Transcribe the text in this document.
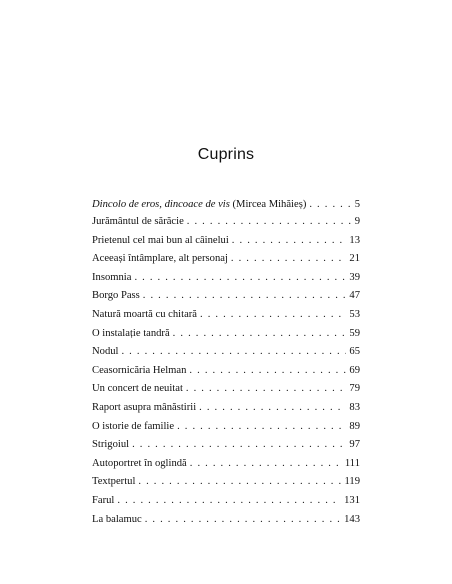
Cuprins
Dincolo de eros, dincoace de vis (Mircea Mihăieș) . . .	5
Jurământul de sărăcie . . .	9
Prietenul cel mai bun al câinelui . . .	13
Aceeași întâmplare, alt personaj . . .	21
Insomnia . . .	39
Borgo Pass . . .	47
Natură moartă cu chitară . . .	53
O instalație tandră . . .	59
Nodul . . .	65
Ceasornicăria Helman . . .	69
Un concert de neuitat . . .	79
Raport asupra mânăstirii . . .	83
O istorie de familie . . .	89
Strigoiul . . .	97
Autoportret în oglindă . . .	111
Textpertul . . .	119
Farul . . .	131
La balamuc . . .	143
